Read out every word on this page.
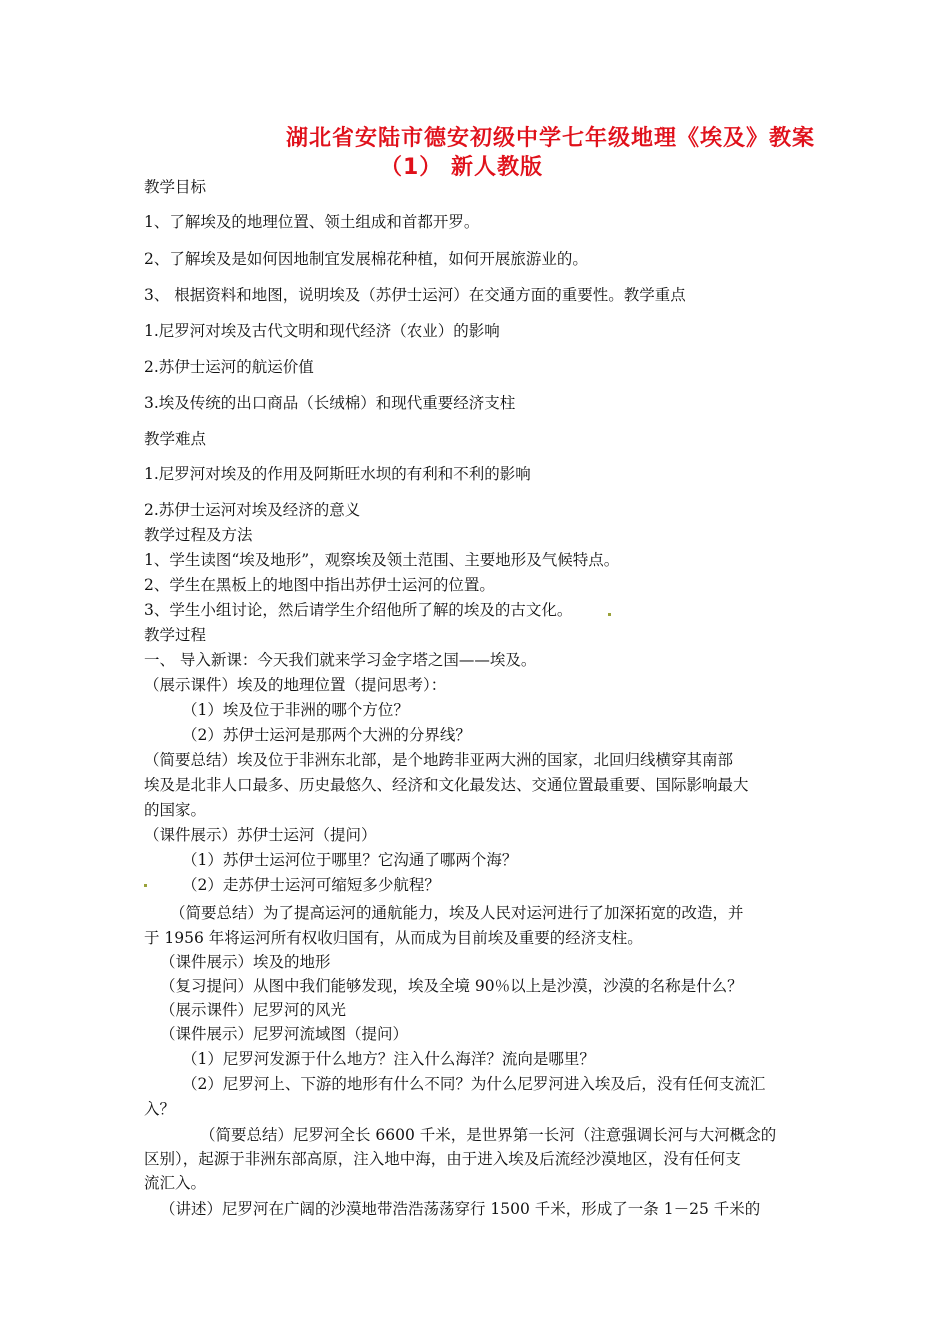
湖北省安陆市德安初级中学七年级地理《埃及》教案
（1） 新人教版
教学目标
1、了解埃及的地理位置、领土组成和首都开罗。
2、了解埃及是如何因地制宜发展棉花种植，如何开展旅游业的。
3、 根据资料和地图，说明埃及（苏伊士运河）在交通方面的重要性。教学重点
1.尼罗河对埃及古代文明和现代经济（农业）的影响
2.苏伊士运河的航运价值
3.埃及传统的出口商品（长绒棉）和现代重要经济支柱
教学难点
1.尼罗河对埃及的作用及阿斯旺水坝的有利和不利的影响
2.苏伊士运河对埃及经济的意义
教学过程及方法
1、学生读图“埃及地形”，观察埃及领土范围、主要地形及气候特点。
2、学生在黑板上的地图中指出苏伊士运河的位置。
3、学生小组讨论，然后请学生介绍他所了解的埃及的古文化。
教学过程
一、 导入新课：今天我们就来学习金字塔之国——埃及。
（展示课件）埃及的地理位置（提问思考）：
（1）埃及位于非洲的哪个方位？
（2）苏伊士运河是那两个大洲的分界线？
（简要总结）埃及位于非洲东北部，是个地跨非亚两大洲的国家，北回归线横穿其南部
埃及是北非人口最多、历史最悠久、经济和文化最发达、交通位置最重要、国际影响最大
的国家。
（课件展示）苏伊士运河（提问）
（1）苏伊士运河位于哪里？它沟通了哪两个海？
（2）走苏伊士运河可缩短多少航程？
（简要总结）为了提高运河的通航能力，埃及人民对运河进行了加深拓宽的改造，并
于 1956 年将运河所有权收归国有，从而成为目前埃及重要的经济支柱。
（课件展示）埃及的地形
（复习提问）从图中我们能够发现，埃及全境 90％以上是沙漠，沙漠的名称是什么？
（展示课件）尼罗河的风光
（课件展示）尼罗河流域图（提问）
（1）尼罗河发源于什么地方？注入什么海洋？流向是哪里？
（2）尼罗河上、下游的地形有什么不同？为什么尼罗河进入埃及后，没有任何支流汇
入？
（简要总结）尼罗河全长 6600 千米，是世界第一长河（注意强调长河与大河概念的
区别），起源于非洲东部高原，注入地中海，由于进入埃及后流经沙漠地区，没有任何支
流汇入。
（讲述）尼罗河在广阔的沙漠地带浩浩荡荡穿行 1500 千米，形成了一条 1－25 千米的
